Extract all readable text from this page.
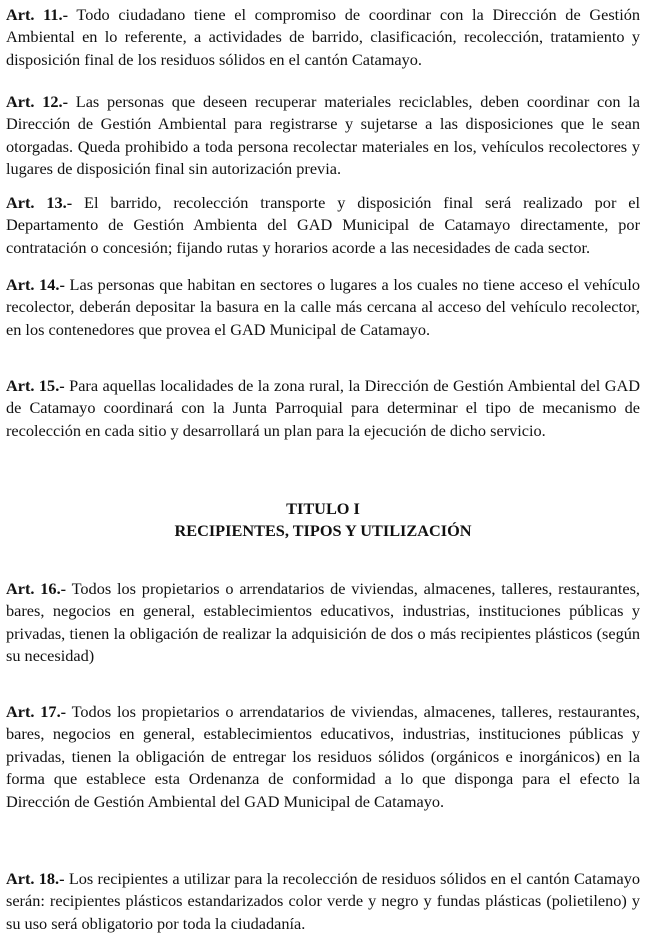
Art. 11.- Todo ciudadano tiene el compromiso de coordinar con la Dirección de Gestión Ambiental en lo referente, a actividades de barrido, clasificación, recolección, tratamiento y disposición final de los residuos sólidos en el cantón Catamayo.

Art. 12.- Las personas que deseen recuperar materiales reciclables, deben coordinar con la Dirección de Gestión Ambiental para registrarse y sujetarse a las disposiciones que le sean otorgadas. Queda prohibido a toda persona recolectar materiales en los, vehículos recolectores y lugares de disposición final sin autorización previa.

Art. 13.- El barrido, recolección transporte y disposición final será realizado por el Departamento de Gestión Ambienta del GAD Municipal de Catamayo directamente, por contratación o concesión; fijando rutas y horarios acorde a las necesidades de cada sector.

Art. 14.- Las personas que habitan en sectores o lugares a los cuales no tiene acceso el vehículo recolector, deberán depositar la basura en la calle más cercana al acceso del vehículo recolector, en los contenedores que provea el GAD Municipal de Catamayo.

Art. 15.- Para aquellas localidades de la zona rural, la Dirección de Gestión Ambiental del GAD de Catamayo coordinará con la Junta Parroquial para determinar el tipo de mecanismo de recolección en cada sitio y desarrollará un plan para la ejecución de dicho servicio.

TITULO I
RECIPIENTES, TIPOS Y UTILIZACIÓN

Art. 16.- Todos los propietarios o arrendatarios de viviendas, almacenes, talleres, restaurantes, bares, negocios en general, establecimientos educativos, industrias, instituciones públicas y privadas, tienen la obligación de realizar la adquisición de dos o más recipientes plásticos (según su necesidad)

Art. 17.- Todos los propietarios o arrendatarios de viviendas, almacenes, talleres, restaurantes, bares, negocios en general, establecimientos educativos, industrias, instituciones públicas y privadas, tienen la obligación de entregar los residuos sólidos (orgánicos e inorgánicos) en la forma que establece esta Ordenanza de conformidad a lo que disponga para el efecto la Dirección de Gestión Ambiental del GAD Municipal de Catamayo.

Art. 18.- Los recipientes a utilizar para la recolección de residuos sólidos en el cantón Catamayo serán: recipientes plásticos estandarizados color verde y negro y fundas plásticas (polietileno) y su uso será obligatorio por toda la ciudadanía.
